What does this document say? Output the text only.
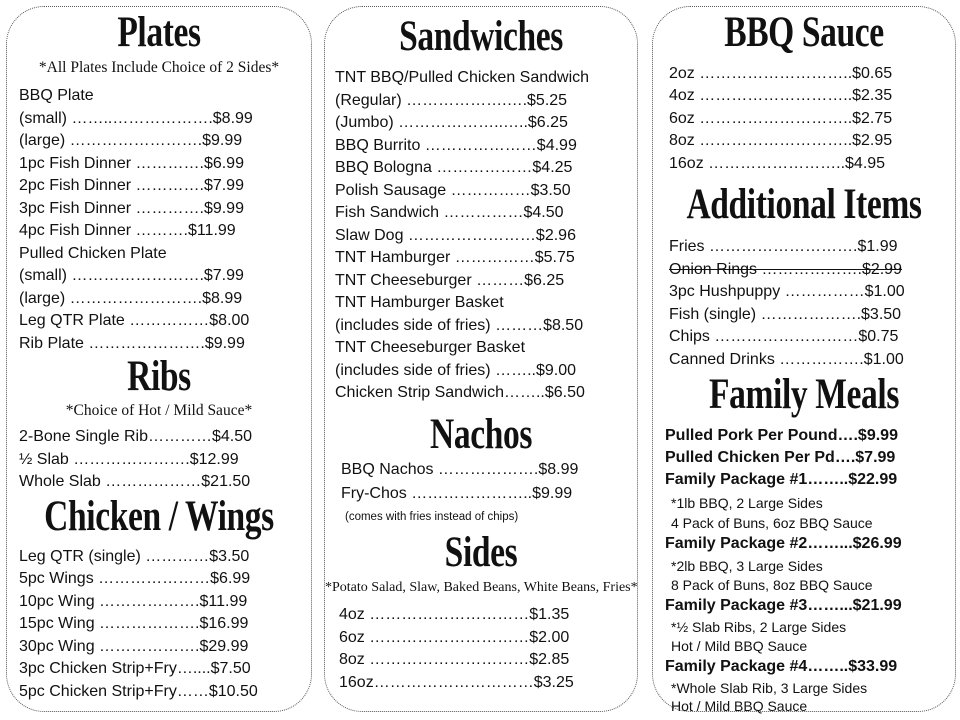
Plates
*All Plates Include Choice of 2 Sides*
BBQ Plate
(small) ……..……………….$8.99
(large) …………………….$9.99
1pc Fish Dinner ………….$6.99
2pc Fish Dinner ………….$7.99
3pc Fish Dinner ………….$9.99
4pc Fish Dinner ……….$11.99
Pulled Chicken Plate
(small) …………………….$7.99
(large) …………………….$8.99
Leg QTR Plate ……………$8.00
Rib Plate ………………….$9.99
Ribs
*Choice of Hot / Mild Sauce*
2-Bone Single Rib…………$4.50
½ Slab ………………….$12.99
Whole Slab ………………$21.50
Chicken / Wings
Leg QTR (single) …………$3.50
5pc Wings …………………$6.99
10pc Wing ……………….$11.99
15pc Wing ……………….$16.99
30pc Wing ……………….$29.99
3pc Chicken Strip+Fry…....$7.50
5pc Chicken Strip+Fry……$10.50
Sandwiches
TNT BBQ/Pulled Chicken Sandwich
(Regular) ……………….….$5.25
(Jumbo) ………………..…..$6.25
BBQ Burrito …………………$4.99
BBQ Bologna ………………$4.25
Polish Sausage ……………$3.50
Fish Sandwich ……………$4.50
Slaw Dog ……………………$2.96
TNT Hamburger ……………$5.75
TNT Cheeseburger ………$6.25
TNT Hamburger Basket
(includes side of fries) ………$8.50
TNT Cheeseburger Basket
(includes side of fries) ……..$9.00
Chicken Strip Sandwich……..$6.50
Nachos
BBQ Nachos ……………….$8.99
Fry-Chos …………………..$9.99
(comes with fries instead of chips)
Sides
*Potato Salad, Slaw, Baked Beans, White Beans, Fries*
4oz …………………………$1.35
6oz …………………………$2.00
8oz …………………………$2.85
16oz…………………………$3.25
BBQ Sauce
2oz ………………………..$0.65
4oz ………………………..$2.35
6oz ………………………..$2.75
8oz ………………………..$2.95
16oz ……………………..$4.95
Additional Items
Fries ……………………….$1.99
Onion Rings ……………….$2.99
3pc Hushpuppy ……………$1.00
Fish (single) ……………….$3.50
Chips ………………………$0.75
Canned Drinks …………….$1.00
Family Meals
Pulled Pork Per Pound….$9.99
Pulled Chicken Per Pd….$7.99
Family Package #1……..$22.99
*1lb BBQ, 2 Large Sides
4 Pack of Buns, 6oz BBQ Sauce
Family Package #2……...$26.99
*2lb BBQ, 3 Large Sides
8 Pack of Buns, 8oz BBQ Sauce
Family Package #3……...$21.99
*½ Slab Ribs, 2 Large Sides
Hot / Mild BBQ Sauce
Family Package #4……..$33.99
*Whole Slab Rib, 3 Large Sides
Hot / Mild BBQ Sauce
